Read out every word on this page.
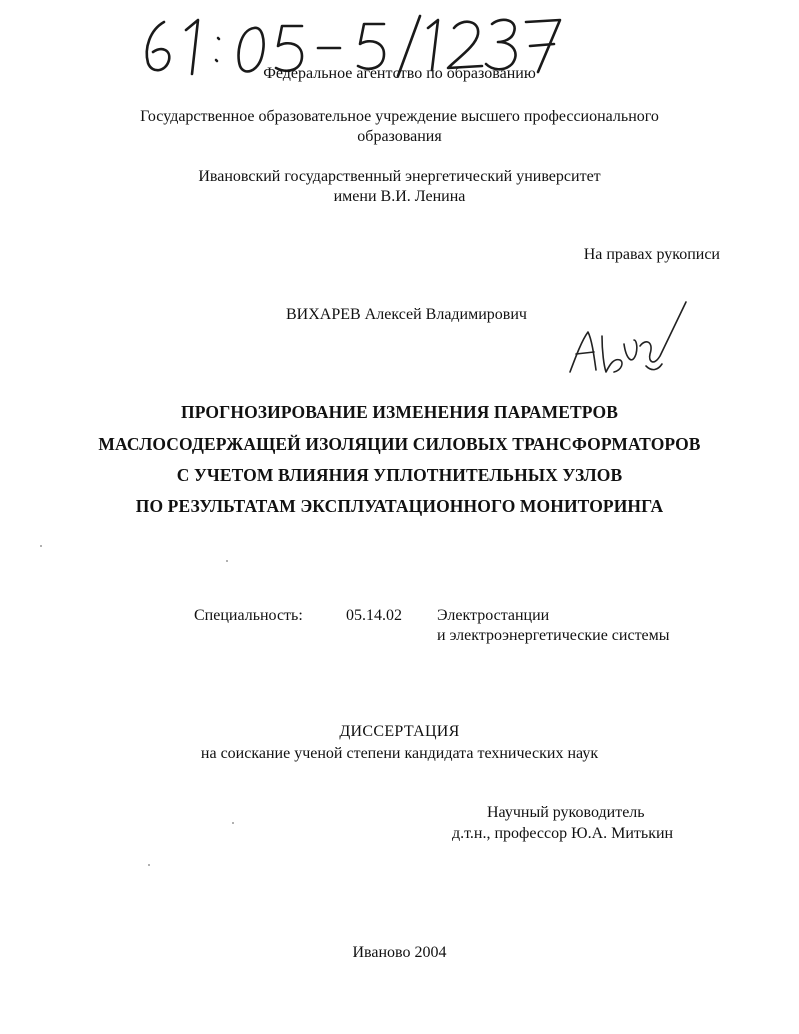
Федеральное агентство по образованию
Государственное образовательное учреждение высшего профессионального
образования
Ивановский государственный энергетический университет
имени В.И. Ленина
На правах рукописи
ВИХАРЕВ Алексей Владимирович
ПРОГНОЗИРОВАНИЕ ИЗМЕНЕНИЯ ПАРАМЕТРОВ
МАСЛОСОДЕРЖАЩЕЙ ИЗОЛЯЦИИ СИЛОВЫХ ТРАНСФОРМАТОРОВ
С УЧЕТОМ ВЛИЯНИЯ УПЛОТНИТЕЛЬНЫХ УЗЛОВ
ПО РЕЗУЛЬТАТАМ ЭКСПЛУАТАЦИОННОГО МОНИТОРИНГА
Специальность:	05.14.02 Электростанции
и электроэнергетические системы
ДИССЕРТАЦИЯ
на соискание ученой степени кандидата технических наук
Научный руководитель
д.т.н., профессор Ю.А. Митькин
Иваново 2004
